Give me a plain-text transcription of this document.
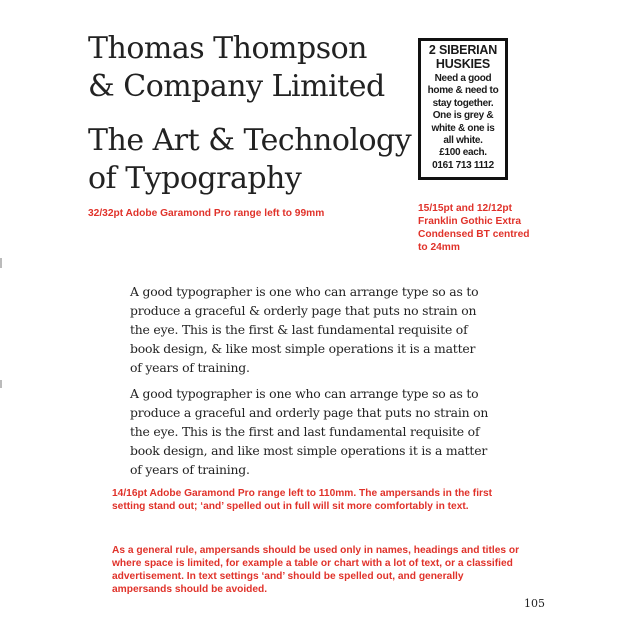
Thomas Thompson
& Company Limited
The Art & Technology
of Typography

32/32pt Adobe Garamond Pro range left to 99mm

2 SIBERIAN
HUSKIES
Need a good
home & need to
stay together.
One is grey &
white & one is
all white.
£100 each.
0161 713 1112

15/15pt and 12/12pt
Franklin Gothic Extra
Condensed BT centred
to 24mm

A good typographer is one who can arrange type so as to
produce a graceful & orderly page that puts no strain on
the eye. This is the first & last fundamental requisite of
book design, & like most simple operations it is a matter
of years of training.

A good typographer is one who can arrange type so as to
produce a graceful and orderly page that puts no strain on
the eye. This is the first and last fundamental requisite of
book design, and like most simple operations it is a matter
of years of training.

14/16pt Adobe Garamond Pro range left to 110mm. The ampersands in the first
setting stand out; ‘and’ spelled out in full will sit more comfortably in text.

As a general rule, ampersands should be used only in names, headings and titles or
where space is limited, for example a table or chart with a lot of text, or a classified
advertisement. In text settings ‘and’ should be spelled out, and generally
ampersands should be avoided.

105
